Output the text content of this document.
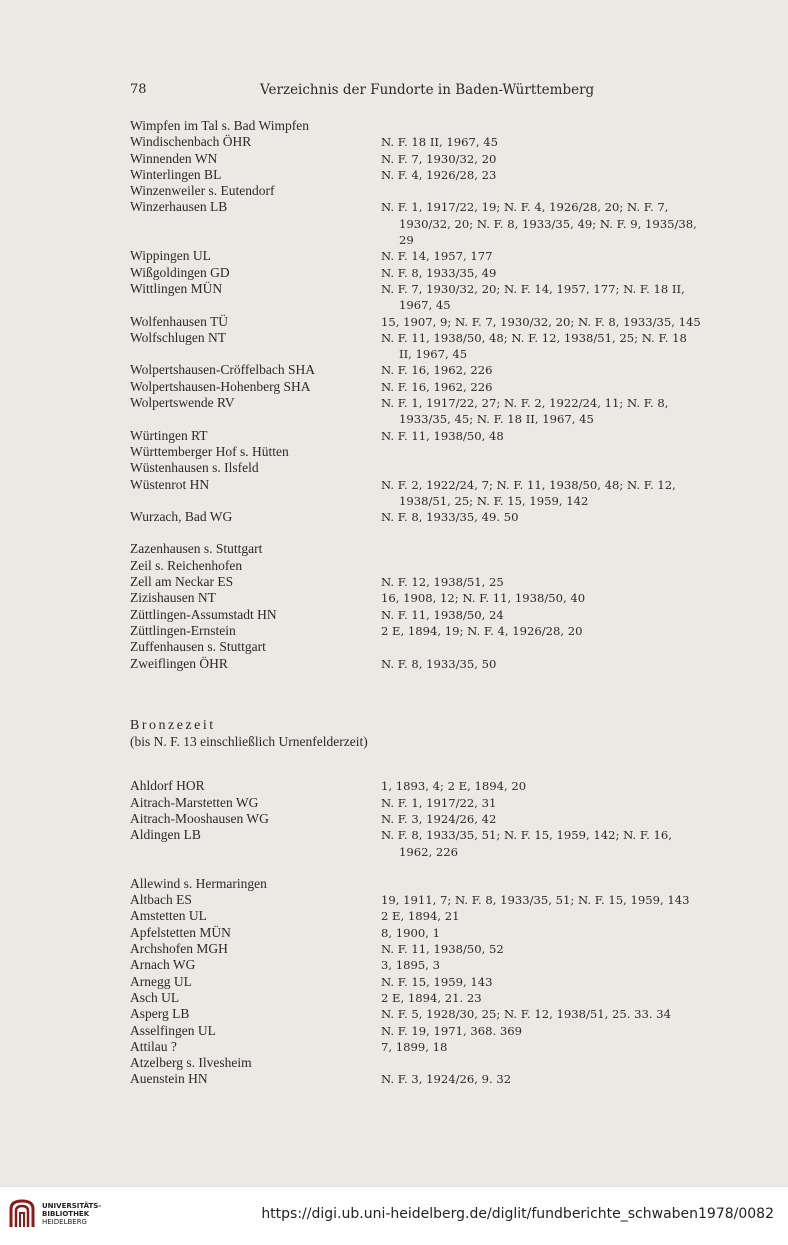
78	Verzeichnis der Fundorte in Baden-Württemberg
Wimpfen im Tal s. Bad Wimpfen
Windischenbach ÖHR	N. F. 18 II, 1967, 45
Winnenden WN	N. F. 7, 1930/32, 20
Winterlingen BL	N. F. 4, 1926/28, 23
Winzenweiler s. Eutendorf
Winzerhausen LB	N. F. 1, 1917/22, 19; N. F. 4, 1926/28, 20; N. F. 7,
1930/32, 20; N. F. 8, 1933/35, 49; N. F. 9, 1935/38,
29
Wippingen UL	N. F. 14, 1957, 177
Wißgoldingen GD	N. F. 8, 1933/35, 49
Wittlingen MÜN	N. F. 7, 1930/32, 20; N. F. 14, 1957, 177; N. F. 18 II,
1967, 45
Wolfenhausen TÜ	15, 1907, 9; N. F. 7, 1930/32, 20; N. F. 8, 1933/35, 145
Wolfschlugen NT	N. F. 11, 1938/50, 48; N. F. 12, 1938/51, 25; N. F. 18
II, 1967, 45
Wolpertshausen-Cröffelbach SHA	N. F. 16, 1962, 226
Wolpertshausen-Hohenberg SHA	N. F. 16, 1962, 226
Wolpertswende RV	N. F. 1, 1917/22, 27; N. F. 2, 1922/24, 11; N. F. 8,
1933/35, 45; N. F. 18 II, 1967, 45
Würtingen RT	N. F. 11, 1938/50, 48
Württemberger Hof s. Hütten
Wüstenhausen s. Ilsfeld
Wüstenrot HN	N. F. 2, 1922/24, 7; N. F. 11, 1938/50, 48; N. F. 12,
1938/51, 25; N. F. 15, 1959, 142
Wurzach, Bad WG	N. F. 8, 1933/35, 49. 50
Zazenhausen s. Stuttgart
Zeil s. Reichenhofen
Zell am Neckar ES	N. F. 12, 1938/51, 25
Zizishausen NT	16, 1908, 12; N. F. 11, 1938/50, 40
Züttlingen-Assumstadt HN	N. F. 11, 1938/50, 24
Züttlingen-Ernstein	2 E, 1894, 19; N. F. 4, 1926/28, 20
Zuffenhausen s. Stuttgart
Zweiflingen ÖHR	N. F. 8, 1933/35, 50
Bronzezeit
(bis N. F. 13 einschließlich Urnenfelderzeit)
Ahldorf HOR	1, 1893, 4; 2 E, 1894, 20
Aitrach-Marstetten WG	N. F. 1, 1917/22, 31
Aitrach-Mooshausen WG	N. F. 3, 1924/26, 42
Aldingen LB	N. F. 8, 1933/35, 51; N. F. 15, 1959, 142; N. F. 16,
1962, 226
Allewind s. Hermaringen
Altbach ES	19, 1911, 7; N. F. 8, 1933/35, 51; N. F. 15, 1959, 143
Amstetten UL	2 E, 1894, 21
Apfelstetten MÜN	8, 1900, 1
Archshofen MGH	N. F. 11, 1938/50, 52
Arnach WG	3, 1895, 3
Arnegg UL	N. F. 15, 1959, 143
Asch UL	2 E, 1894, 21. 23
Asperg LB	N. F. 5, 1928/30, 25; N. F. 12, 1938/51, 25. 33. 34
Asselfingen UL	N. F. 19, 1971, 368. 369
Attilau ?	7, 1899, 18
Atzelberg s. Ilvesheim
Auenstein HN	N. F. 3, 1924/26, 9. 32
UNIVERSITÄTS-
BIBLIOTHEK
HEIDELBERG	https://digi.ub.uni-heidelberg.de/diglit/fundberichte_schwaben1978/0082
